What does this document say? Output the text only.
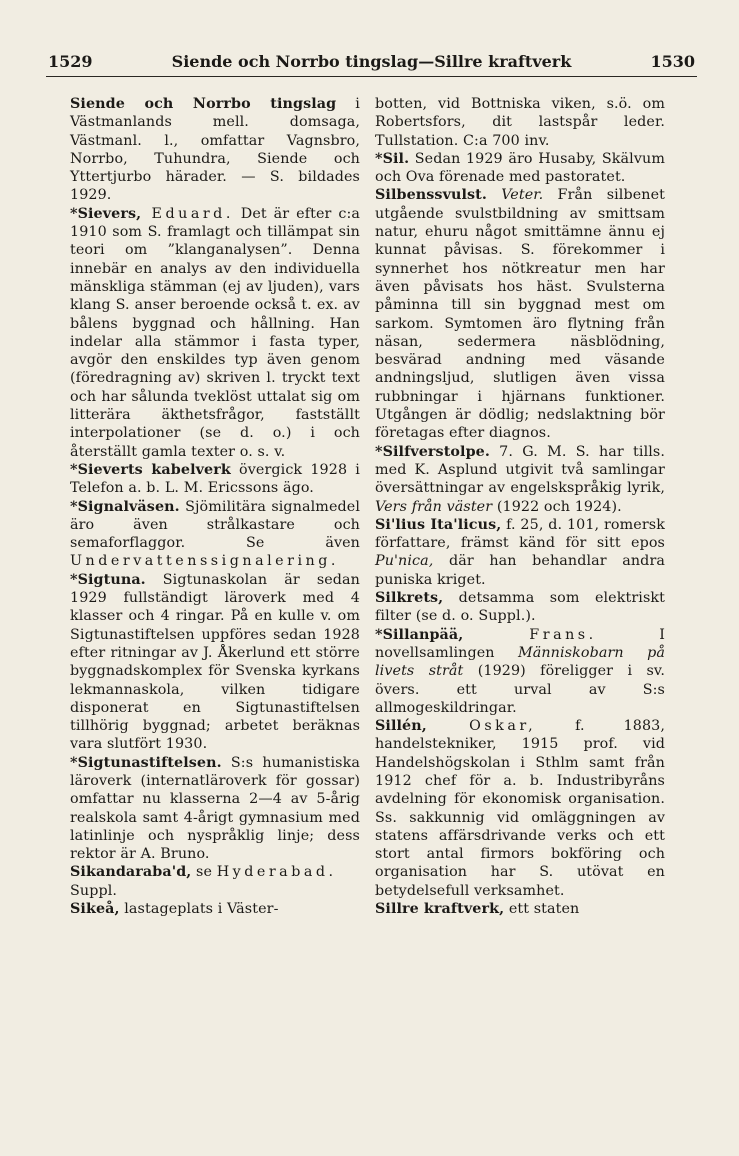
1529	Siende och Norrbo tingslag—Sillre kraftverk	1530

Siende och Norrbo tingslag i Västmanlands mell. domsaga, Västmanl. l., omfattar Vagnsbro, Norrbo, Tuhundra, Siende och Yttertjurbo härader. — S. bildades 1929.

*Sievers, Eduard. Det är efter c:a 1910 som S. framlagt och tillämpat sin teori om ”klanganalysen”. Denna innebär en analys av den individuella mänskliga stämman (ej av ljuden), vars klang S. anser beroende också t. ex. av bålens byggnad och hållning. Han indelar alla stämmor i fasta typer, avgör den enskildes typ även genom (föredragning av) skriven l. tryckt text och har sålunda tveklöst uttalat sig om litterära äkthetsfrågor, fastställt interpolationer (se d. o.) i och återställt gamla texter o. s. v.

*Sieverts kabelverk övergick 1928 i Telefon a. b. L. M. Ericssons ägo.

*Signalväsen. Sjömilitära signalmedel äro även strålkastare och semaforflaggor. Se även Undervattenssignalering.

*Sigtuna. Sigtunaskolan är sedan 1929 fullständigt läroverk med 4 klasser och 4 ringar. På en kulle v. om Sigtunastiftelsen uppföres sedan 1928 efter ritningar av J. Åkerlund ett större byggnadskomplex för Svenska kyrkans lekmannaskola, vilken tidigare disponerat en Sigtunastiftelsen tillhörig byggnad; arbetet beräknas vara slutfört 1930.

*Sigtunastiftelsen. S:s humanistiska läroverk (internatläroverk för gossar) omfattar nu klasserna 2—4 av 5-årig realskola samt 4-årigt gymnasium med latinlinje och nyspråklig linje; dess rektor är A. Bruno.

Sikandaraba'd, se Hyderabad. Suppl.

Sikeå, lastageplats i Väster-

botten, vid Bottniska viken, s.ö. om Robertsfors, dit lastspår leder. Tullstation. C:a 700 inv.

*Sil. Sedan 1929 äro Husaby, Skälvum och Ova förenade med pastoratet.

Silbenssvulst. Veter. Från silbenet utgående svulstbildning av smittsam natur, ehuru något smittämne ännu ej kunnat påvisas. S. förekommer i synnerhet hos nötkreatur men har även påvisats hos häst. Svulsterna påminna till sin byggnad mest om sarkom. Symtomen äro flytning från näsan, sedermera näsblödning, besvärad andning med väsande andningsljud, slutligen även vissa rubbningar i hjärnans funktioner. Utgången är dödlig; nedslaktning bör företagas efter diagnos.

*Silfverstolpe. 7. G. M. S. har tills. med K. Asplund utgivit två samlingar översättningar av engelskspråkig lyrik, Vers från väster (1922 och 1924).

Si'lius Ita'licus, f. 25, d. 101, romersk författare, främst känd för sitt epos Pu'nica, där han behandlar andra puniska kriget.

Silkrets, detsamma som elektriskt filter (se d. o. Suppl.).

*Sillanpää, Frans. I novellsamlingen Människobarn på livets stråt (1929) föreligger i sv. övers. ett urval av S:s allmogeskildringar.

Sillén, Oskar, f. 1883, handelstekniker, 1915 prof. vid Handelshögskolan i Sthlm samt från 1912 chef för a. b. Industribyråns avdelning för ekonomisk organisation. Ss. sakkunnig vid omläggningen av statens affärsdrivande verks och ett stort antal firmors bokföring och organisation har S. utövat en betydelsefull verksamhet.

Sillre kraftverk, ett staten
